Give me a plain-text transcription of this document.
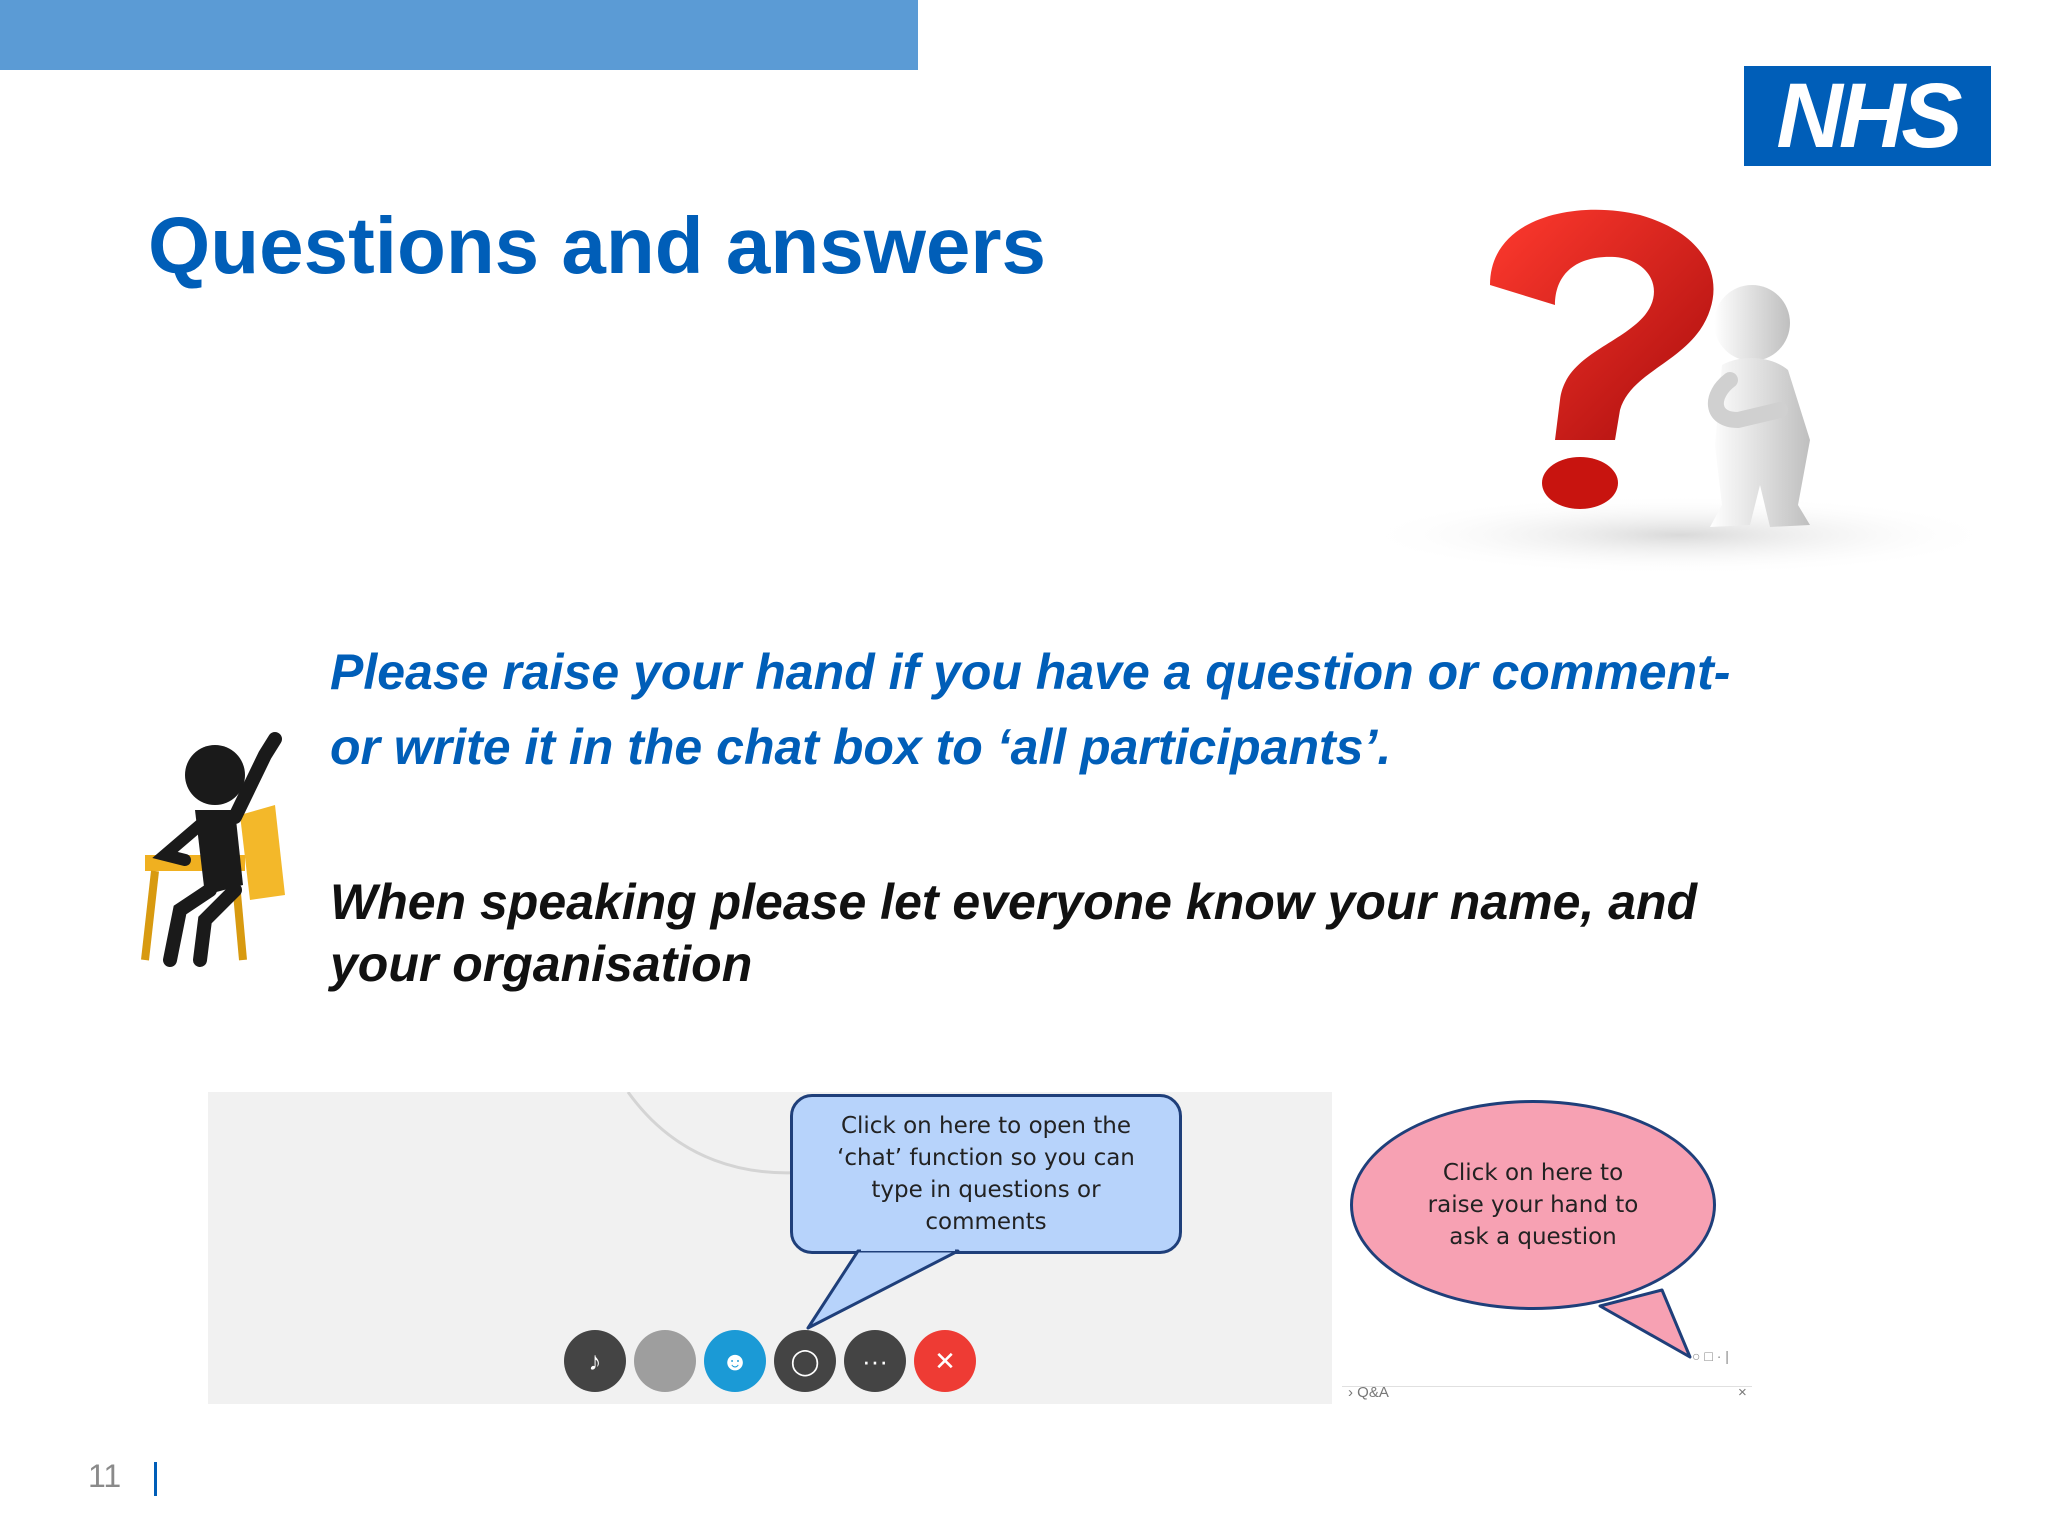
7 Day Hospitals –  Questions and answers	NHS
Questions and answers
Please raise your hand if you have a question or comment-
or write it in the chat box to ‘all participants’.
When speaking please let everyone know your name, and
your organisation
♪	☻ ◯ ··· ✕	○ □ · |
› Q&A	×
Click on here to open the ‘chat’ function so you can type in questions or comments
Click on here to raise your hand to ask a question
11
